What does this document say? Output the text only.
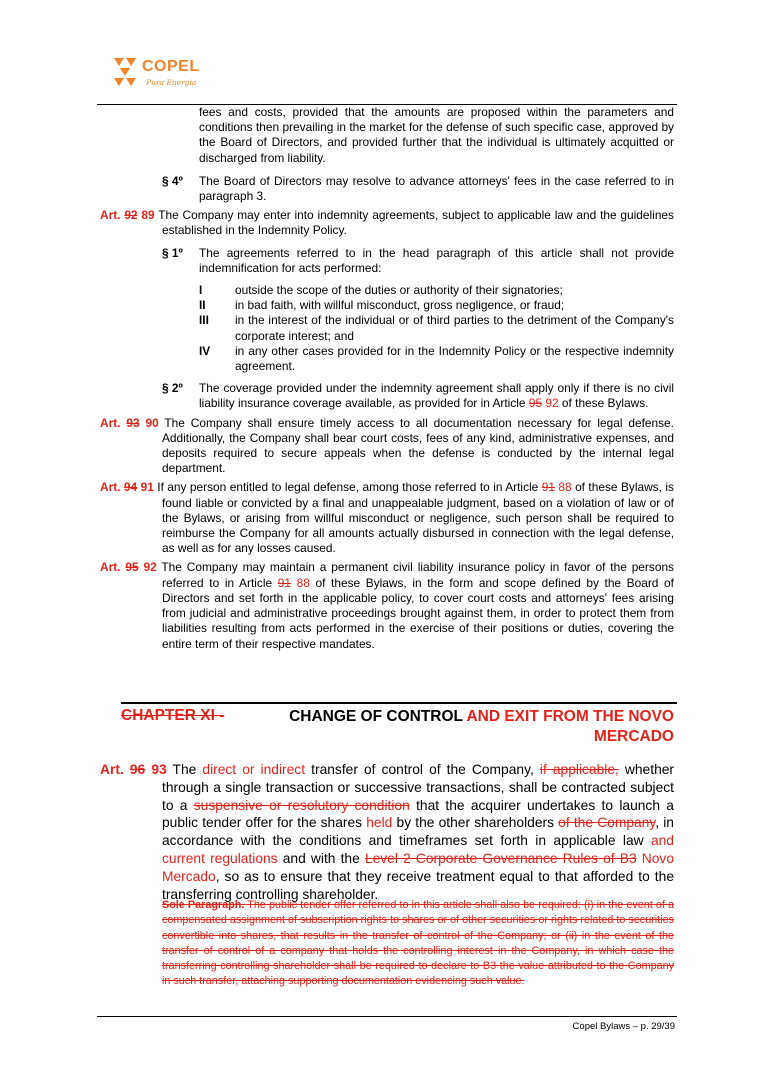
COPEL
Pura Energia

fees and costs, provided that the amounts are proposed within the parameters and conditions then prevailing in the market for the defense of such specific case, approved by the Board of Directors, and provided further that the individual is ultimately acquitted or discharged from liability.

§ 4º	The Board of Directors may resolve to advance attorneys' fees in the case referred to in paragraph 3.

Art. 92 89 The Company may enter into indemnity agreements, subject to applicable law and the guidelines established in the Indemnity Policy.

§ 1º	The agreements referred to in the head paragraph of this article shall not provide indemnification for acts performed:
I	outside the scope of the duties or authority of their signatories;
II	in bad faith, with willful misconduct, gross negligence, or fraud;
III	in the interest of the individual or of third parties to the detriment of the Company's corporate interest; and
IV	in any other cases provided for in the Indemnity Policy or the respective indemnity agreement.
§ 2º	The coverage provided under the indemnity agreement shall apply only if there is no civil liability insurance coverage available, as provided for in Article 95 92 of these Bylaws.

Art. 93 90 The Company shall ensure timely access to all documentation necessary for legal defense. Additionally, the Company shall bear court costs, fees of any kind, administrative expenses, and deposits required to secure appeals when the defense is conducted by the internal legal department.

Art. 94 91 If any person entitled to legal defense, among those referred to in Article 91 88 of these Bylaws, is found liable or convicted by a final and unappealable judgment, based on a violation of law or of the Bylaws, or arising from willful misconduct or negligence, such person shall be required to reimburse the Company for all amounts actually disbursed in connection with the legal defense, as well as for any losses caused.

Art. 95 92 The Company may maintain a permanent civil liability insurance policy in favor of the persons referred to in Article 91 88 of these Bylaws, in the form and scope defined by the Board of Directors and set forth in the applicable policy, to cover court costs and attorneys' fees arising from judicial and administrative proceedings brought against them, in order to protect them from liabilities resulting from acts performed in the exercise of their positions or duties, covering the entire term of their respective mandates.

CHAPTER XI -	CHANGE OF CONTROL AND EXIT FROM THE NOVO MERCADO

Art. 96 93 The direct or indirect transfer of control of the Company, if applicable, whether through a single transaction or successive transactions, shall be contracted subject to a suspensive or resolutory condition that the acquirer undertakes to launch a public tender offer for the shares held by the other shareholders of the Company, in accordance with the conditions and timeframes set forth in applicable law and current regulations and with the Level 2 Corporate Governance Rules of B3 Novo Mercado, so as to ensure that they receive treatment equal to that afforded to the transferring controlling shareholder.

Sole Paragraph. The public tender offer referred to in this article shall also be required: (i) in the event of a compensated assignment of subscription rights to shares or of other securities or rights related to securities convertible into shares, that results in the transfer of control of the Company; or (ii) in the event of the transfer of control of a company that holds the controlling interest in the Company, in which case the transferring controlling shareholder shall be required to declare to B3 the value attributed to the Company in such transfer, attaching supporting documentation evidencing such value.

Copel Bylaws – p. 29/39
